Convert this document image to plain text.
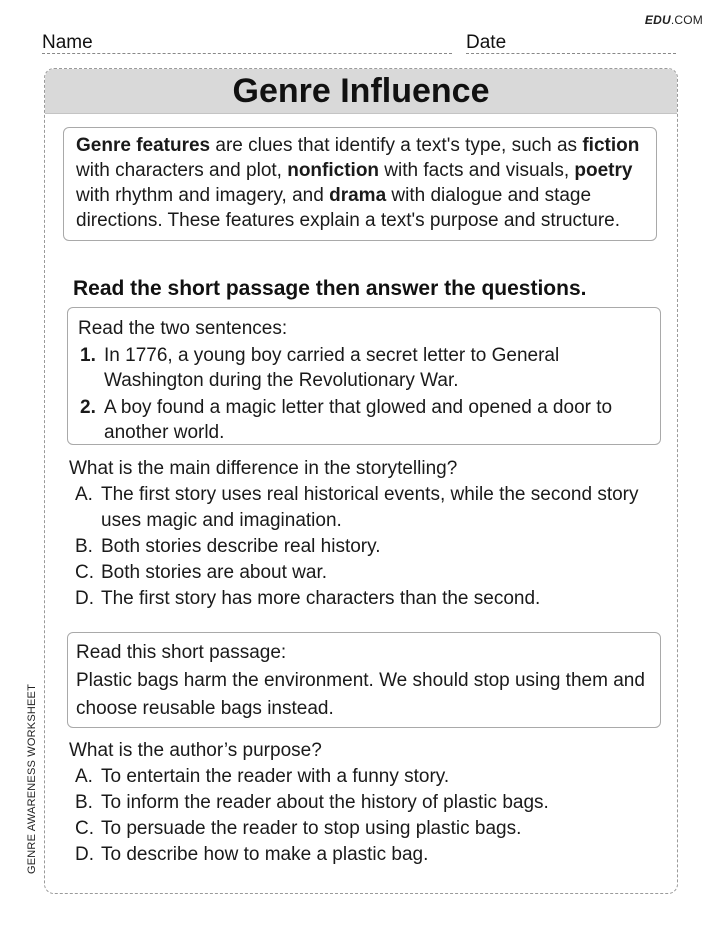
EDU.COM
Name	Date
GENRE AWARENESS WORKSHEET
Genre Influence
Genre features are clues that identify a text's type, such as fiction with characters and plot, nonfiction with facts and visuals, poetry with rhythm and imagery, and drama with dialogue and stage directions. These features explain a text's purpose and structure.
Read the short passage then answer the questions.
Read the two sentences:
1. In 1776, a young boy carried a secret letter to General Washington during the Revolutionary War.
2. A boy found a magic letter that glowed and opened a door to another world.
What is the main difference in the storytelling?
A. The first story uses real historical events, while the second story uses magic and imagination.
B. Both stories describe real history.
C. Both stories are about war.
D. The first story has more characters than the second.
Read this short passage:
Plastic bags harm the environment. We should stop using them and choose reusable bags instead.
What is the author’s purpose?
A. To entertain the reader with a funny story.
B. To inform the reader about the history of plastic bags.
C. To persuade the reader to stop using plastic bags.
D. To describe how to make a plastic bag.
